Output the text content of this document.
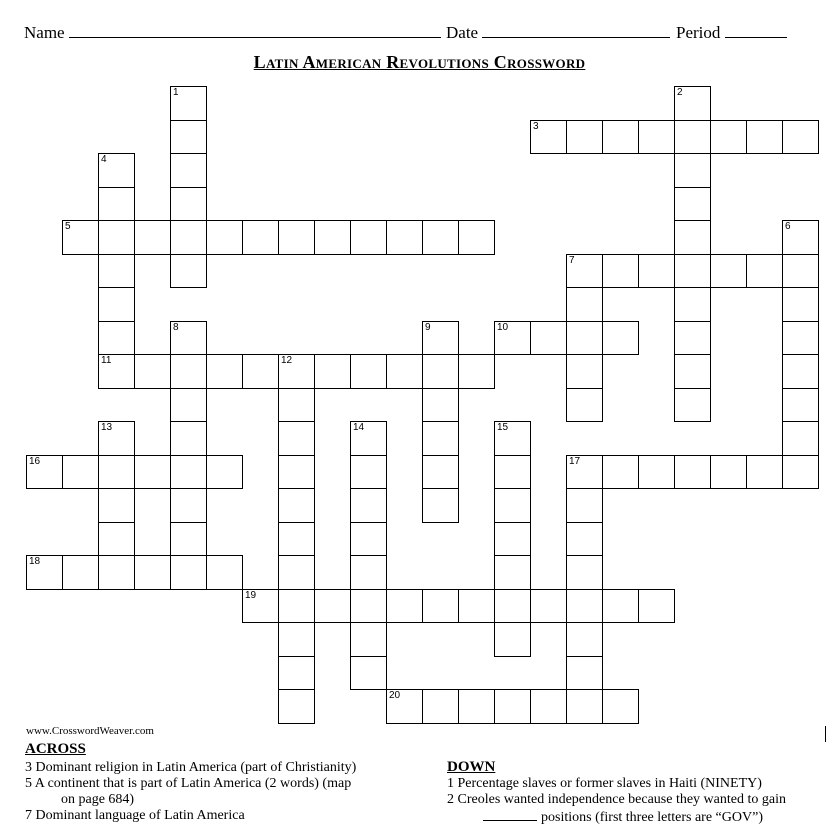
Name	Date	Period
Latin American Revolutions Crossword
1	2
3
4
11
5	6
7
8	9	10
12
13	14	15
16	17
18
19
20
www.CrosswordWeaver.com
ACROSS
3 Dominant religion in Latin America (part of Christianity)
5 A continent that is part of Latin America (2 words) (map
on page 684)
7 Dominant language of Latin America
DOWN
1 Percentage slaves or former slaves in Haiti (NINETY)
2 Creoles wanted independence because they wanted to gain
positions (first three letters are “GOV”)
